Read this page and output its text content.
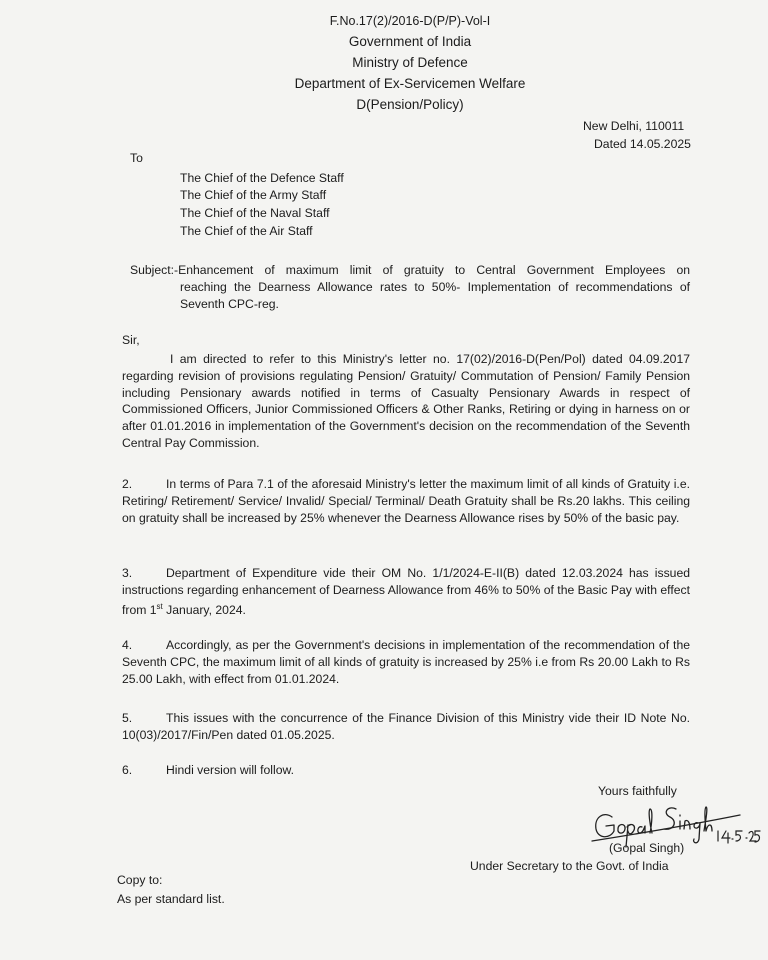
F.No.17(2)/2016-D(P/P)-Vol-I
Government of India
Ministry of Defence
Department of Ex-Servicemen Welfare
D(Pension/Policy)
New Delhi, 110011
Dated 14.05.2025
To
The Chief of the Defence Staff
The Chief of the Army Staff
The Chief of the Naval Staff
The Chief of the Air Staff
Subject:-Enhancement of maximum limit of gratuity to Central Government Employees on
reaching the Dearness Allowance rates to 50%- Implementation of recommendations of
Seventh CPC-reg.
Sir,
I am directed to refer to this Ministry's letter no. 17(02)/2016-D(Pen/Pol) dated 04.09.2017 regarding revision of provisions regulating Pension/ Gratuity/ Commutation of Pension/ Family Pension including Pensionary awards notified in terms of Casualty Pensionary Awards in respect of Commissioned Officers, Junior Commissioned Officers & Other Ranks, Retiring or dying in harness on or after 01.01.2016 in implementation of the Government's decision on the recommendation of the Seventh Central Pay Commission.
2.	In terms of Para 7.1 of the aforesaid Ministry's letter the maximum limit of all kinds of Gratuity i.e. Retiring/ Retirement/ Service/ Invalid/ Special/ Terminal/ Death Gratuity shall be Rs.20 lakhs. This ceiling on gratuity shall be increased by 25% whenever the Dearness Allowance rises by 50% of the basic pay.
3.	Department of Expenditure vide their OM No. 1/1/2024-E-II(B) dated 12.03.2024 has issued instructions regarding enhancement of Dearness Allowance from 46% to 50% of the Basic Pay with effect from 1st January, 2024.
4.	Accordingly, as per the Government's decisions in implementation of the recommendation of the Seventh CPC, the maximum limit of all kinds of gratuity is increased by 25% i.e from Rs 20.00 Lakh to Rs 25.00 Lakh, with effect from 01.01.2024.
5.	This issues with the concurrence of the Finance Division of this Ministry vide their ID Note No. 10(03)/2017/Fin/Pen dated 01.05.2025.
6.	Hindi version will follow.
Yours faithfully
(Gopal Singh)
Under Secretary to the Govt. of India
Copy to:
As per standard list.
